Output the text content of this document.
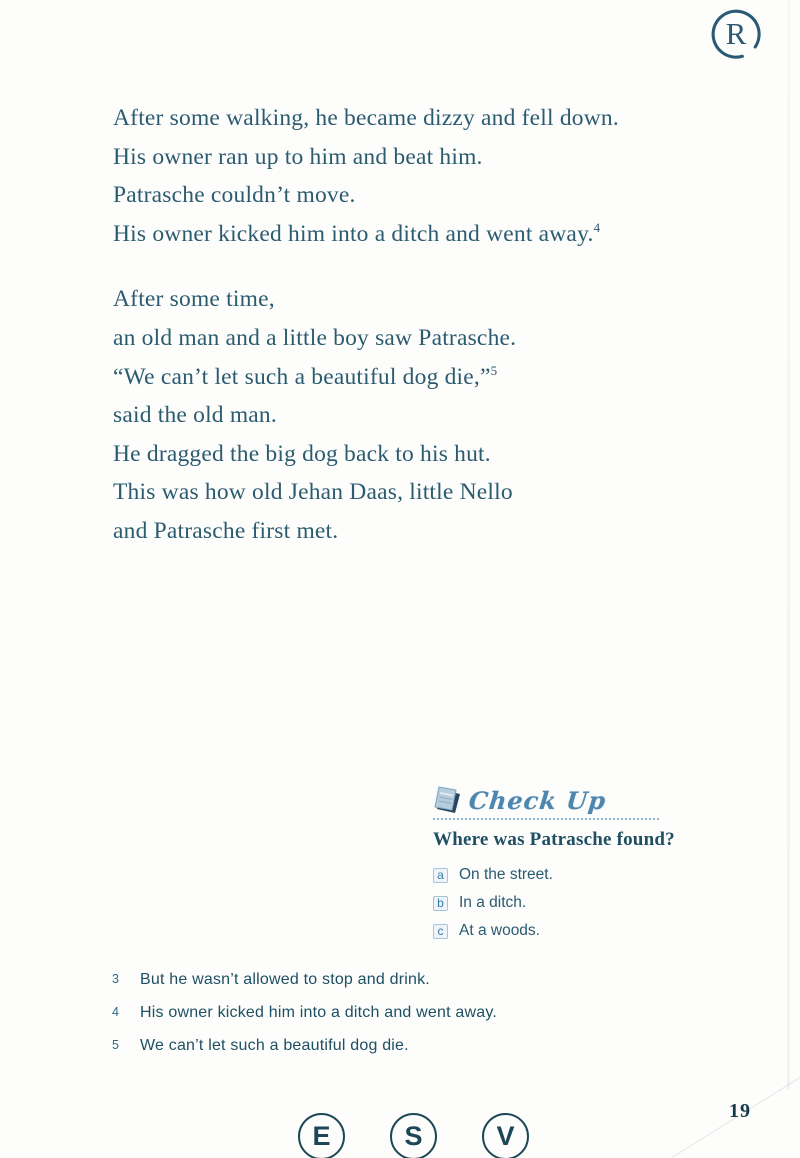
R
After some walking, he became dizzy and fell down.
His owner ran up to him and beat him.
Patrasche couldn’t move.
His owner kicked him into a ditch and went away.$^4$
After some time,
an old man and a little boy saw Patrasche.
“We can’t let such a beautiful dog die,”$^5$
said the old man.
He dragged the big dog back to his hut.
This was how old Jehan Daas, little Nello
and Patrasche first met.
Check Up
Where was Patrasche found?
a On the street.
b In a ditch.
c At a woods.
3	But he wasn’t allowed to stop and drink.
4	His owner kicked him into a ditch and went away.
5	We can’t let such a beautiful dog die.
E	S	V
19
